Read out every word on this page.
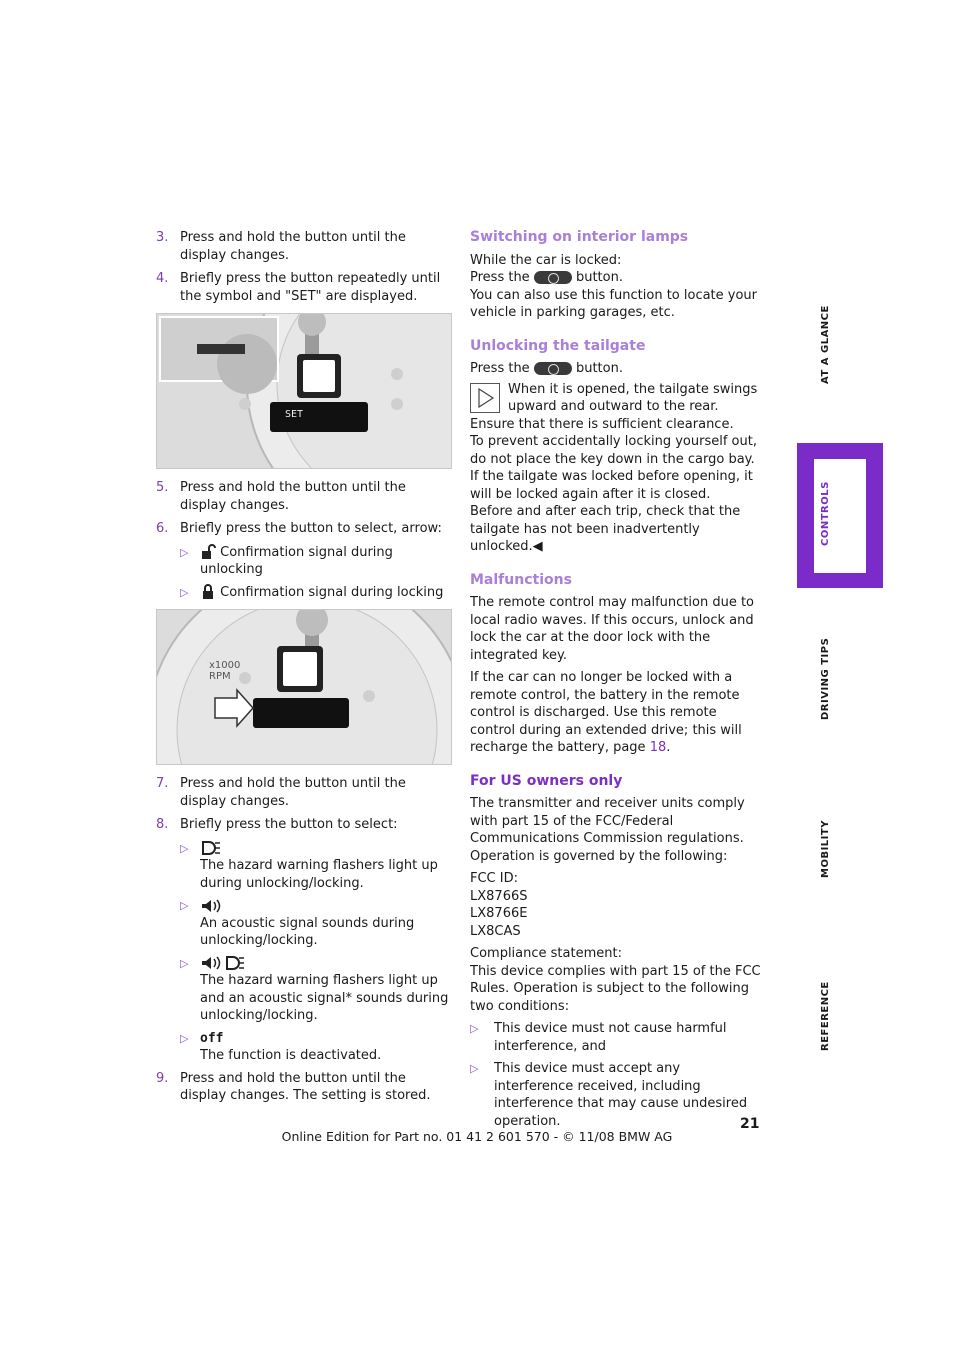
3. Press and hold the button until the display changes.
4. Briefly press the button repeatedly until the symbol and "SET" are displayed.
SET
5. Press and hold the button until the display changes.
6. Briefly press the button to select, arrow:
▷	Confirmation signal during unlocking
▷	Confirmation signal during locking
x1000
RPM
7. Press and hold the button until the display changes.
8. Briefly press the button to select:
▷

The hazard warning flashers light up during unlocking/locking.
▷

An acoustic signal sounds during unlocking/locking.
▷

The hazard warning flashers light up and an acoustic signal* sounds during unlocking/locking.
▷ off
The function is deactivated.
9. Press and hold the button until the display changes. The setting is stored.
Switching on interior lamps

While the car is locked:

Press the	button.

You can also use this function to locate your vehicle in parking garages, etc.

Unlocking the tailgate

Press the	button.

When it is opened, the tailgate swings upward and outward to the rear. Ensure that there is sufficient clearance.

To prevent accidentally locking yourself out, do not place the key down in the cargo bay. If the tailgate was locked before opening, it will be locked again after it is closed.

Before and after each trip, check that the tailgate has not been inadvertently unlocked.◀

Malfunctions

The remote control may malfunction due to local radio waves. If this occurs, unlock and lock the car at the door lock with the integrated key.

If the car can no longer be locked with a remote control, the battery in the remote control is discharged. Use this remote control during an extended drive; this will recharge the battery, page 18.

For US owners only

The transmitter and receiver units comply with part 15 of the FCC/Federal Communications Commission regulations. Operation is governed by the following:

FCC ID:
LX8766S
LX8766E
LX8CAS

Compliance statement:

This device complies with part 15 of the FCC Rules. Operation is subject to the following two conditions:

▷	This device must not cause harmful interference, and
▷	This device must accept any interference received, including interference that may cause undesired operation.	21
Online Edition for Part no. 01 41 2 601 570 - © 11/08 BMW AG
AT A GLANCE
CONTROLS
DRIVING TIPS
MOBILITY
REFERENCE
